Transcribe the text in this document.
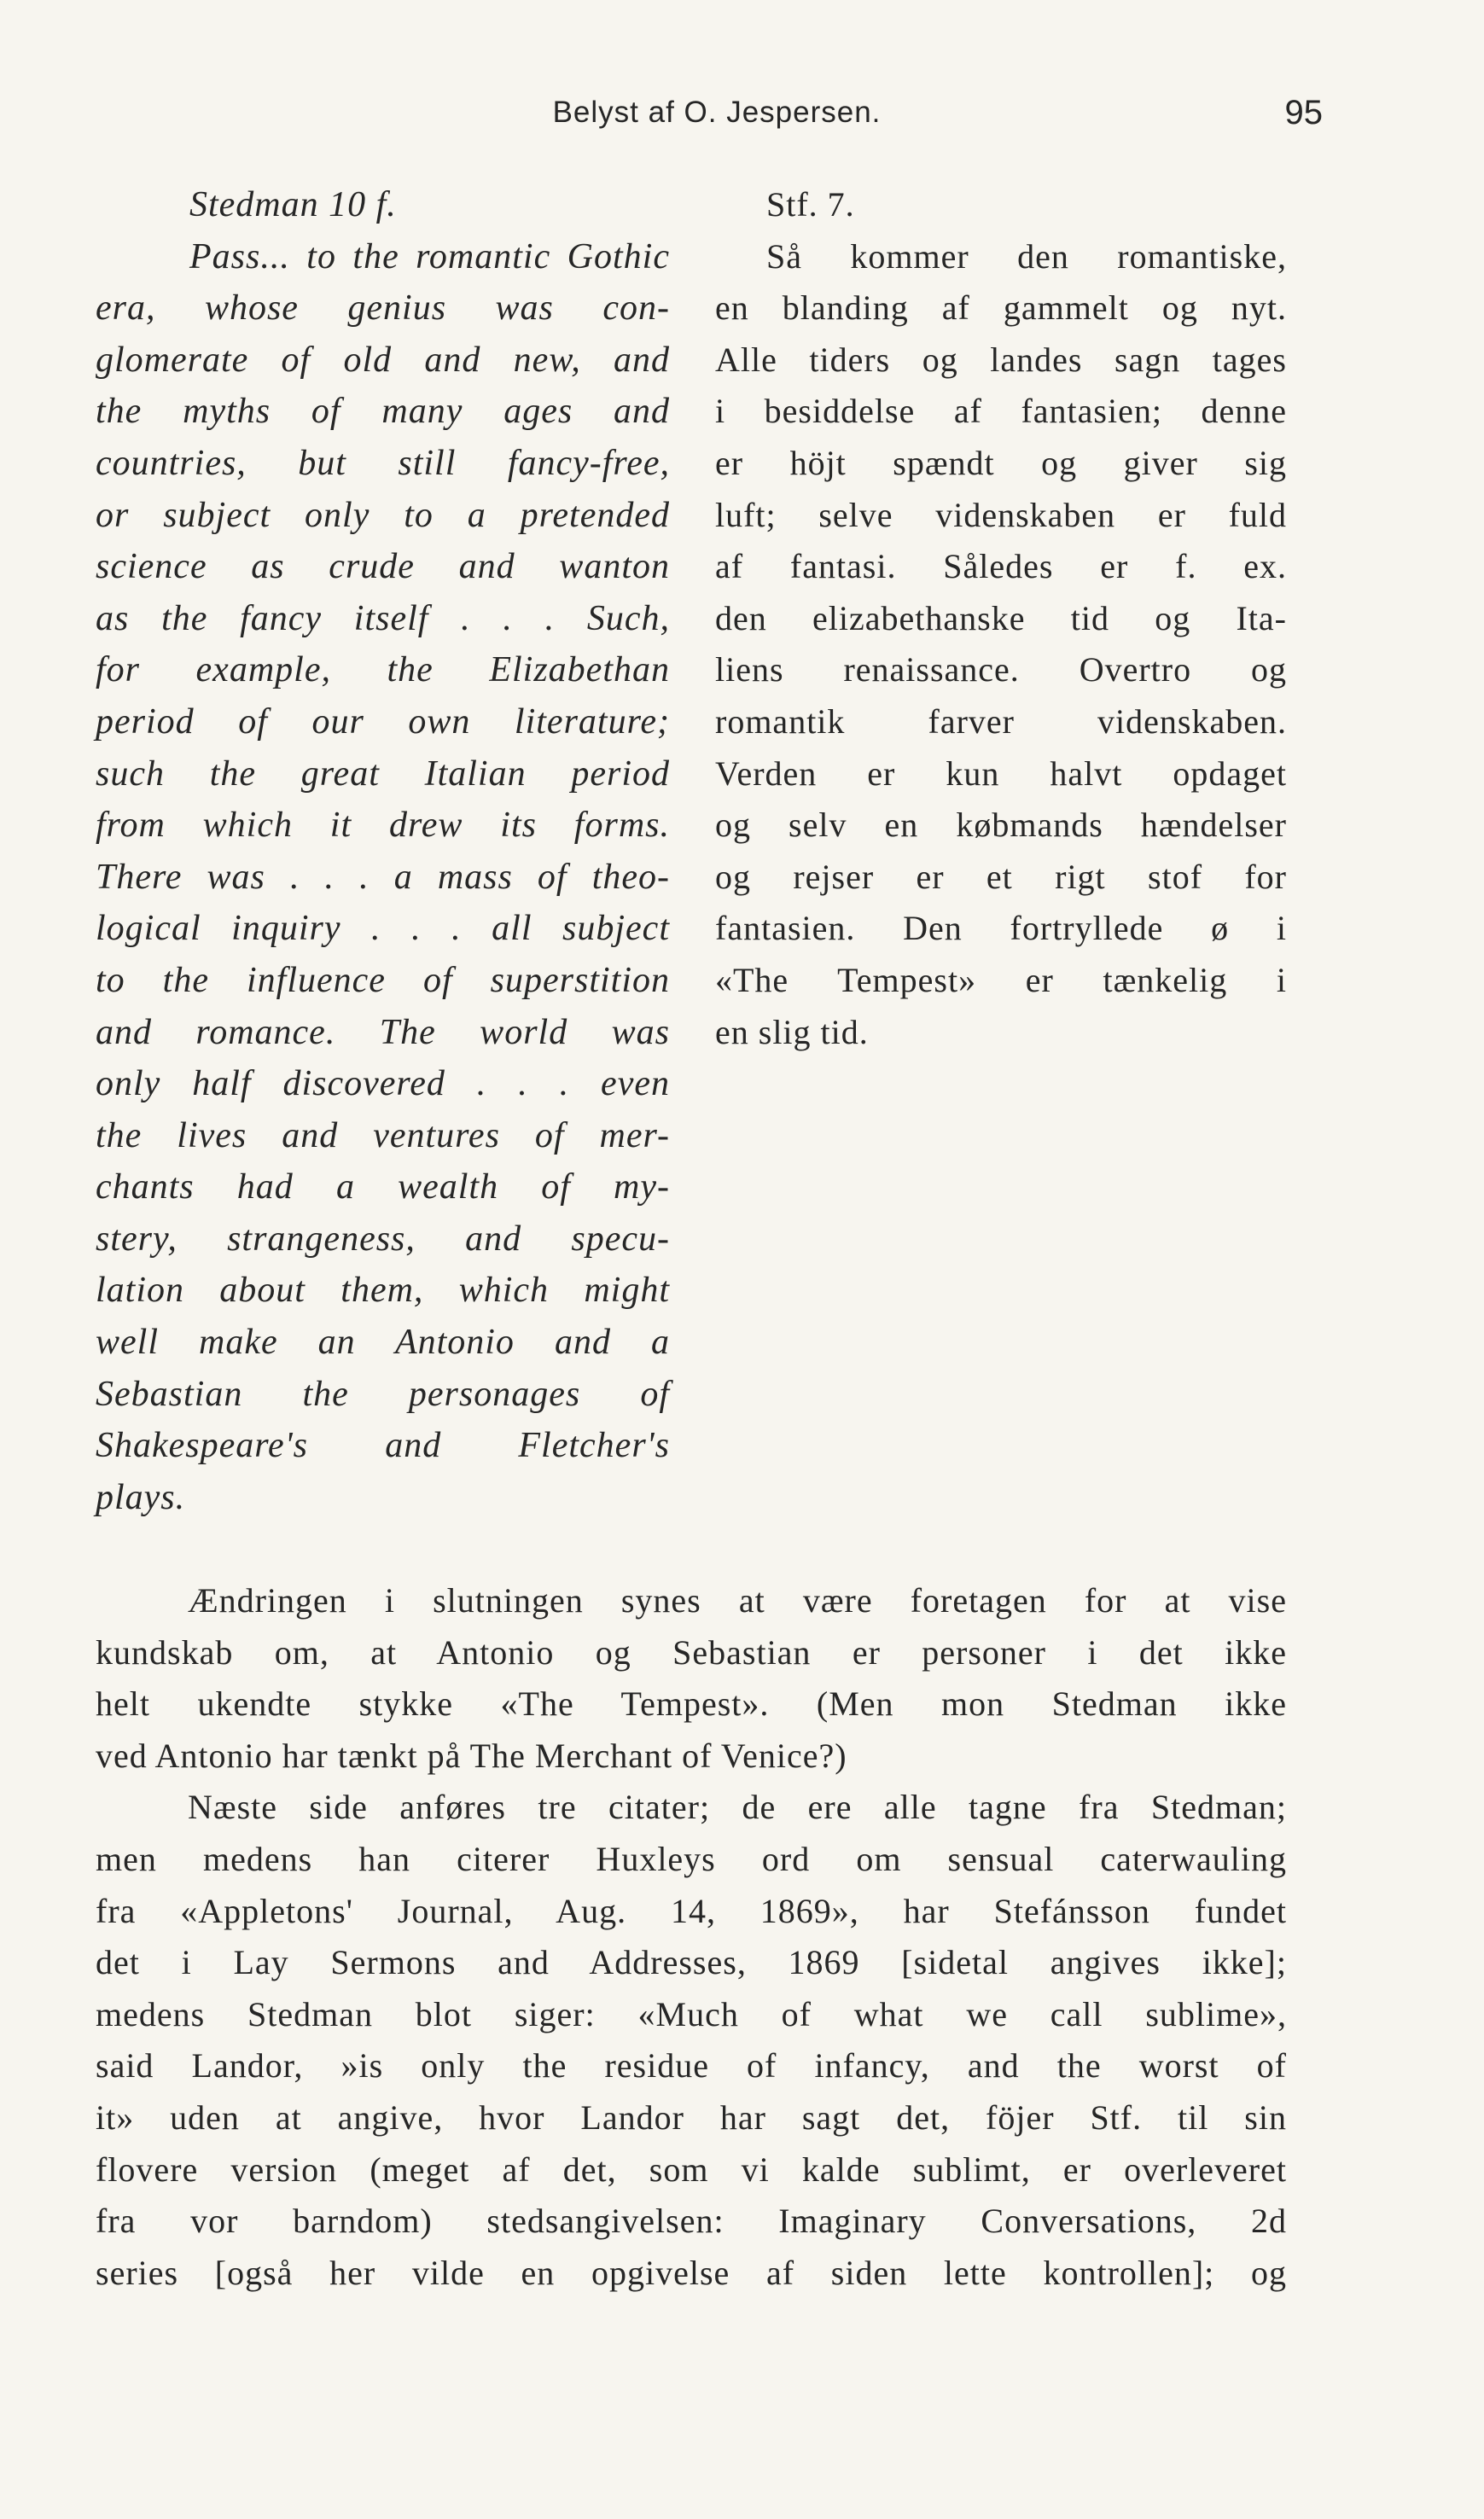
Belyst af O. Jespersen.	95
Stedman 10 f.
Pass... to the romantic Gothic
era, whose genius was con-
glomerate of old and new, and
the myths of many ages and
countries, but still fancy-free,
or subject only to a pretended
science as crude and wanton
as the fancy itself . . . Such,
for example, the Elizabethan
period of our own literature;
such the great Italian period
from which it drew its forms.
There was . . . a mass of theo-
logical inquiry . . . all subject
to the influence of superstition
and romance. The world was
only half discovered . . . even
the lives and ventures of mer-
chants had a wealth of my-
stery, strangeness, and specu-
lation about them, which might
well make an Antonio and a
Sebastian the personages of
Shakespeare's and Fletcher's
plays.
Stf. 7.
Så kommer den romantiske,
en blanding af gammelt og nyt.
Alle tiders og landes sagn tages
i besiddelse af fantasien; denne
er höjt spændt og giver sig
luft; selve videnskaben er fuld
af fantasi. Således er f. ex.
den elizabethanske tid og Ita-
liens renaissance. Overtro og
romantik farver videnskaben.
Verden er kun halvt opdaget
og selv en købmands hændelser
og rejser er et rigt stof for
fantasien. Den fortryllede ø i
«The Tempest» er tænkelig i
en slig tid.
Ændringen i slutningen synes at være foretagen for at vise
kundskab om, at Antonio og Sebastian er personer i det ikke
helt ukendte stykke «The Tempest». (Men mon Stedman ikke
ved Antonio har tænkt på The Merchant of Venice?)
Næste side anføres tre citater; de ere alle tagne fra Stedman;
men medens han citerer Huxleys ord om sensual caterwauling
fra «Appletons' Journal, Aug. 14, 1869», har Stefánsson fundet
det i Lay Sermons and Addresses, 1869 [sidetal angives ikke];
medens Stedman blot siger: «Much of what we call sublime»,
said Landor, »is only the residue of infancy, and the worst of
it» uden at angive, hvor Landor har sagt det, föjer Stf. til sin
flovere version (meget af det, som vi kalde sublimt, er overleveret
fra vor barndom) stedsangivelsen: Imaginary Conversations, 2d
series [også her vilde en opgivelse af siden lette kontrollen]; og
